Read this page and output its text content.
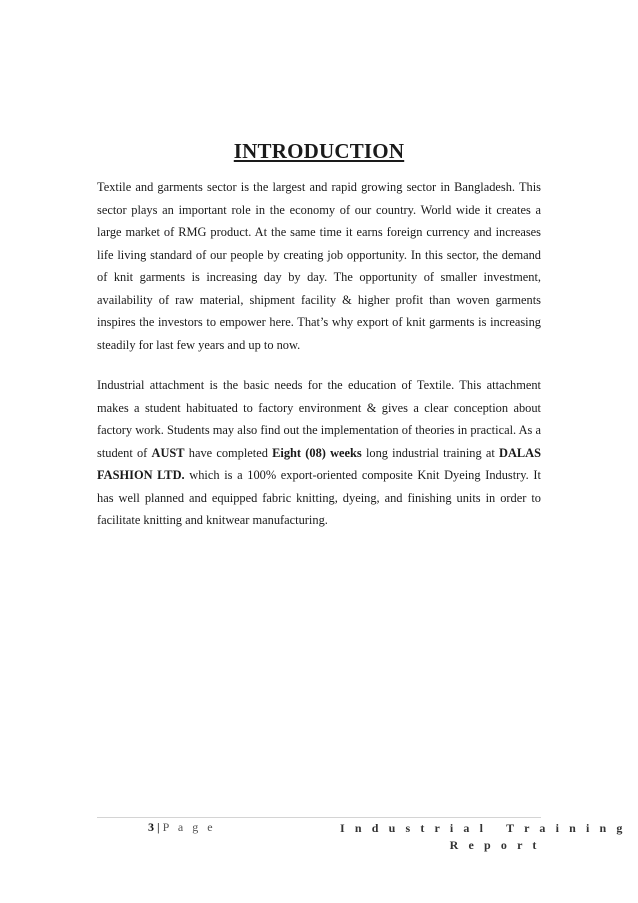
INTRODUCTION

Textile and garments sector is the largest and rapid growing sector in Bangladesh. This sector plays an important role in the economy of our country. World wide it creates a large market of RMG product. At the same time it earns foreign currency and increases life living standard of our people by creating job opportunity. In this sector, the demand of knit garments is increasing day by day. The opportunity of smaller investment, availability of raw material, shipment facility & higher profit than woven garments inspires the investors to empower here. That’s why export of knit garments is increasing steadily for last few years and up to now.

Industrial attachment is the basic needs for the education of Textile. This attachment makes a student habituated to factory environment & gives a clear conception about factory work. Students may also find out the implementation of theories in practical. As a student of AUST have completed Eight (08) weeks long industrial training at DALAS FASHION LTD. which is a 100% export-oriented composite Knit Dyeing Industry. It has well planned and equipped fabric knitting, dyeing, and finishing units in order to facilitate knitting and knitwear manufacturing.

3 | P a g e	I n d u s t r i a l   T r a i n i n g
R e p o r t
